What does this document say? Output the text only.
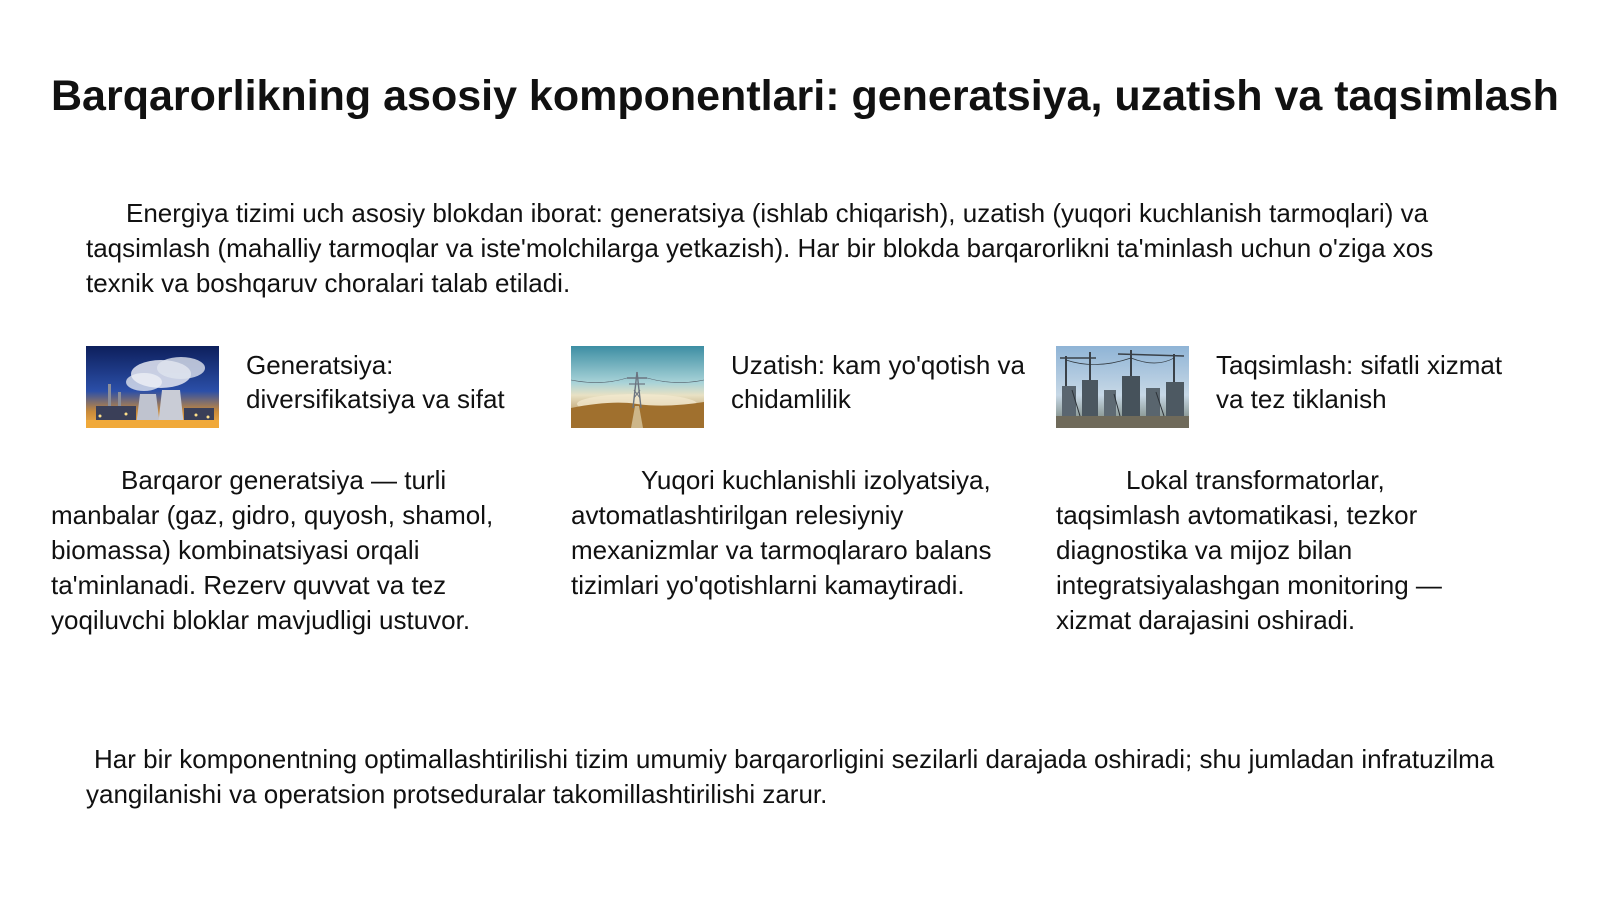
Barqarorlikning asosiy komponentlari: generatsiya, uzatish va taqsimlash

Energiya tizimi uch asosiy blokdan iborat: generatsiya (ishlab chiqarish), uzatish (yuqori kuchlanish tarmoqlari) va taqsimlash (mahalliy tarmoqlar va iste'molchilarga yetkazish). Har bir blokda barqarorlikni ta'minlash uchun o'ziga xos texnik va boshqaruv choralari talab etiladi.

Generatsiya: diversifikatsiya va sifat

Barqaror generatsiya — turli manbalar (gaz, gidro, quyosh, shamol, biomassa) kombinatsiyasi orqali ta'minlanadi. Rezerv quvvat va tez yoqiluvchi bloklar mavjudligi ustuvor.

Uzatish: kam yo'qotish va chidamlilik

Yuqori kuchlanishli izolyatsiya, avtomatlashtirilgan relesiyniy mexanizmlar va tarmoqlararo balans tizimlari yo'qotishlarni kamaytiradi.

Taqsimlash: sifatli xizmat va tez tiklanish

Lokal transformatorlar, taqsimlash avtomatikasi, tezkor diagnostika va mijoz bilan integratsiyalashgan monitoring — xizmat darajasini oshiradi.

Har bir komponentning optimallashtirilishi tizim umumiy barqarorligini sezilarli darajada oshiradi; shu jumladan infratuzilma yangilanishi va operatsion protseduralar takomillashtirilishi zarur.
